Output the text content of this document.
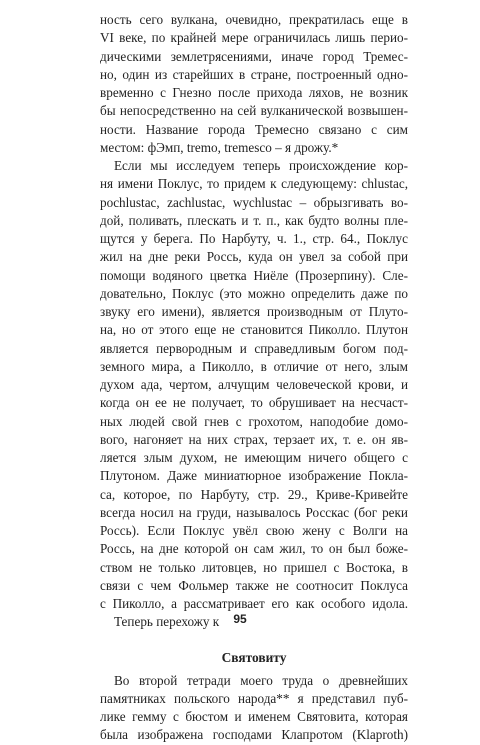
ность сего вулкана, очевидно, прекратилась еще в
VI веке, по крайней мере ограничилась лишь перио-
дическими землетрясениями, иначе город Тремес-
но, один из старейших в стране, построенный одно-
временно с Гнезно после прихода ляхов, не возник
бы непосредственно на сей вулканической возвышен-
ности. Название города Тремесно связано с сим
местом: фЭмп, tremo, tremesco – я дрожу.*
Если мы исследуем теперь происхождение кор-
ня имени Поклус, то придем к следующему: chlustac,
pochlustac, zachlustac, wychlustac – обрызгивать во-
дой, поливать, плескать и т. п., как будто волны пле-
щутся у берега. По Нарбуту, ч. 1., стр. 64., Поклус
жил на дне реки Россь, куда он увел за собой при
помощи водяного цветка Ниёле (Прозерпину). Сле-
довательно, Поклус (это можно определить даже по
звуку его имени), является производным от Плуто-
на, но от этого еще не становится Пиколло. Плутон
является первородным и справедливым богом под-
земного мира, а Пиколло, в отличие от него, злым
духом ада, чертом, алчущим человеческой крови, и
когда он ее не получает, то обрушивает на несчаст-
ных людей свой гнев с грохотом, наподобие домо-
вого, нагоняет на них страх, терзает их, т. е. он яв-
ляется злым духом, не имеющим ничего общего с
Плутоном. Даже миниатюрное изображение Покла-
са, которое, по Нарбуту, стр. 29., Криве-Кривейте
всегда носил на груди, называлось Росскас (бог реки
Россь). Если Поклус увёл свою жену с Волги на
Россь, на дне которой он сам жил, то он был боже-
ством не только литовцев, но пришел с Востока, в
связи с чем Фольмер также не соотносит Поклуса
с Пиколло, а рассматривает его как особого идола.
Теперь перехожу к
Святовиту
Во второй тетради моего труда о древнейших
памятниках польского народа** я представил пуб-
лике гемму с бюстом и именем Святовита, которая
была изображена господами Клапротом (Klaproth)
95
